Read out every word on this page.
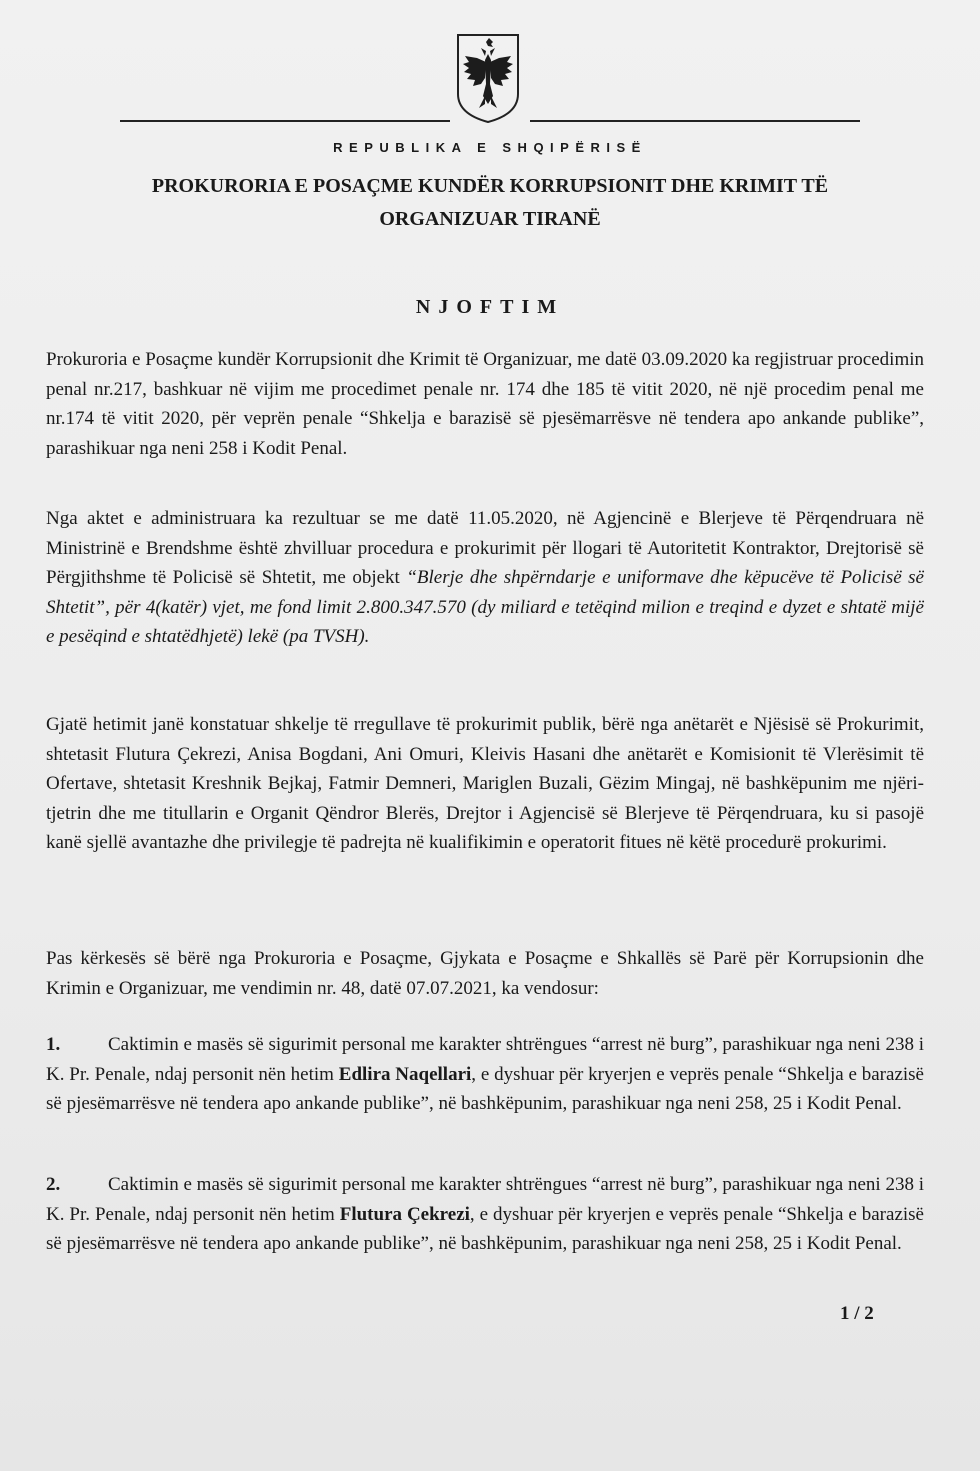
REPUBLIKA E SHQIPËRISË
PROKURORIA E POSAÇME KUNDËR KORRUPSIONIT DHE KRIMIT TË
ORGANIZUAR TIRANË
NJOFTIM
Prokuroria e Posaçme kundër Korrupsionit dhe Krimit të Organizuar, me datë 03.09.2020 ka regjistruar procedimin penal nr.217, bashkuar në vijim me procedimet penale nr. 174 dhe 185 të vitit 2020, në një procedim penal me nr.174 të vitit 2020, për veprën penale “Shkelja e barazisë së pjesëmarrësve në tendera apo ankande publike”, parashikuar nga neni 258 i Kodit Penal.
Nga aktet e administruara ka rezultuar se me datë 11.05.2020, në Agjencinë e Blerjeve të Përqendruara në Ministrinë e Brendshme është zhvilluar procedura e prokurimit për llogari të Autoritetit Kontraktor, Drejtorisë së Përgjithshme të Policisë së Shtetit, me objekt “Blerje dhe shpërndarje e uniformave dhe këpucëve të Policisë së Shtetit”, për 4(katër) vjet, me fond limit 2.800.347.570 (dy miliard e tetëqind milion e treqind e dyzet e shtatë mijë e pesëqind e shtatëdhjetë) lekë (pa TVSH).
Gjatë hetimit janë konstatuar shkelje të rregullave të prokurimit publik, bërë nga anëtarët e Njësisë së Prokurimit, shtetasit Flutura Çekrezi, Anisa Bogdani, Ani Omuri, Kleivis Hasani dhe anëtarët e Komisionit të Vlerësimit të Ofertave, shtetasit Kreshnik Bejkaj, Fatmir Demneri, Mariglen Buzali, Gëzim Mingaj, në bashkëpunim me njëri-tjetrin dhe me titullarin e Organit Qëndror Blerës, Drejtor i Agjencisë së Blerjeve të Përqendruara, ku si pasojë kanë sjellë avantazhe dhe privilegje të padrejta në kualifikimin e operatorit fitues në këtë procedurë prokurimi.
Pas kërkesës së bërë nga Prokuroria e Posaçme, Gjykata e Posaçme e Shkallës së Parë për Korrupsionin dhe Krimin e Organizuar, me vendimin nr. 48, datë 07.07.2021, ka vendosur:
1.	Caktimin e masës së sigurimit personal me karakter shtrëngues “arrest në burg”, parashikuar nga neni 238 i K. Pr. Penale, ndaj personit nën hetim Edlira Naqellari, e dyshuar për kryerjen e veprës penale “Shkelja e barazisë së pjesëmarrësve në tendera apo ankande publike”, në bashkëpunim, parashikuar nga neni 258, 25 i Kodit Penal.
2.	Caktimin e masës së sigurimit personal me karakter shtrëngues “arrest në burg”, parashikuar nga neni 238 i K. Pr. Penale, ndaj personit nën hetim Flutura Çekrezi, e dyshuar për kryerjen e veprës penale “Shkelja e barazisë së pjesëmarrësve në tendera apo ankande publike”, në bashkëpunim, parashikuar nga neni 258, 25 i Kodit Penal.
1 / 2
